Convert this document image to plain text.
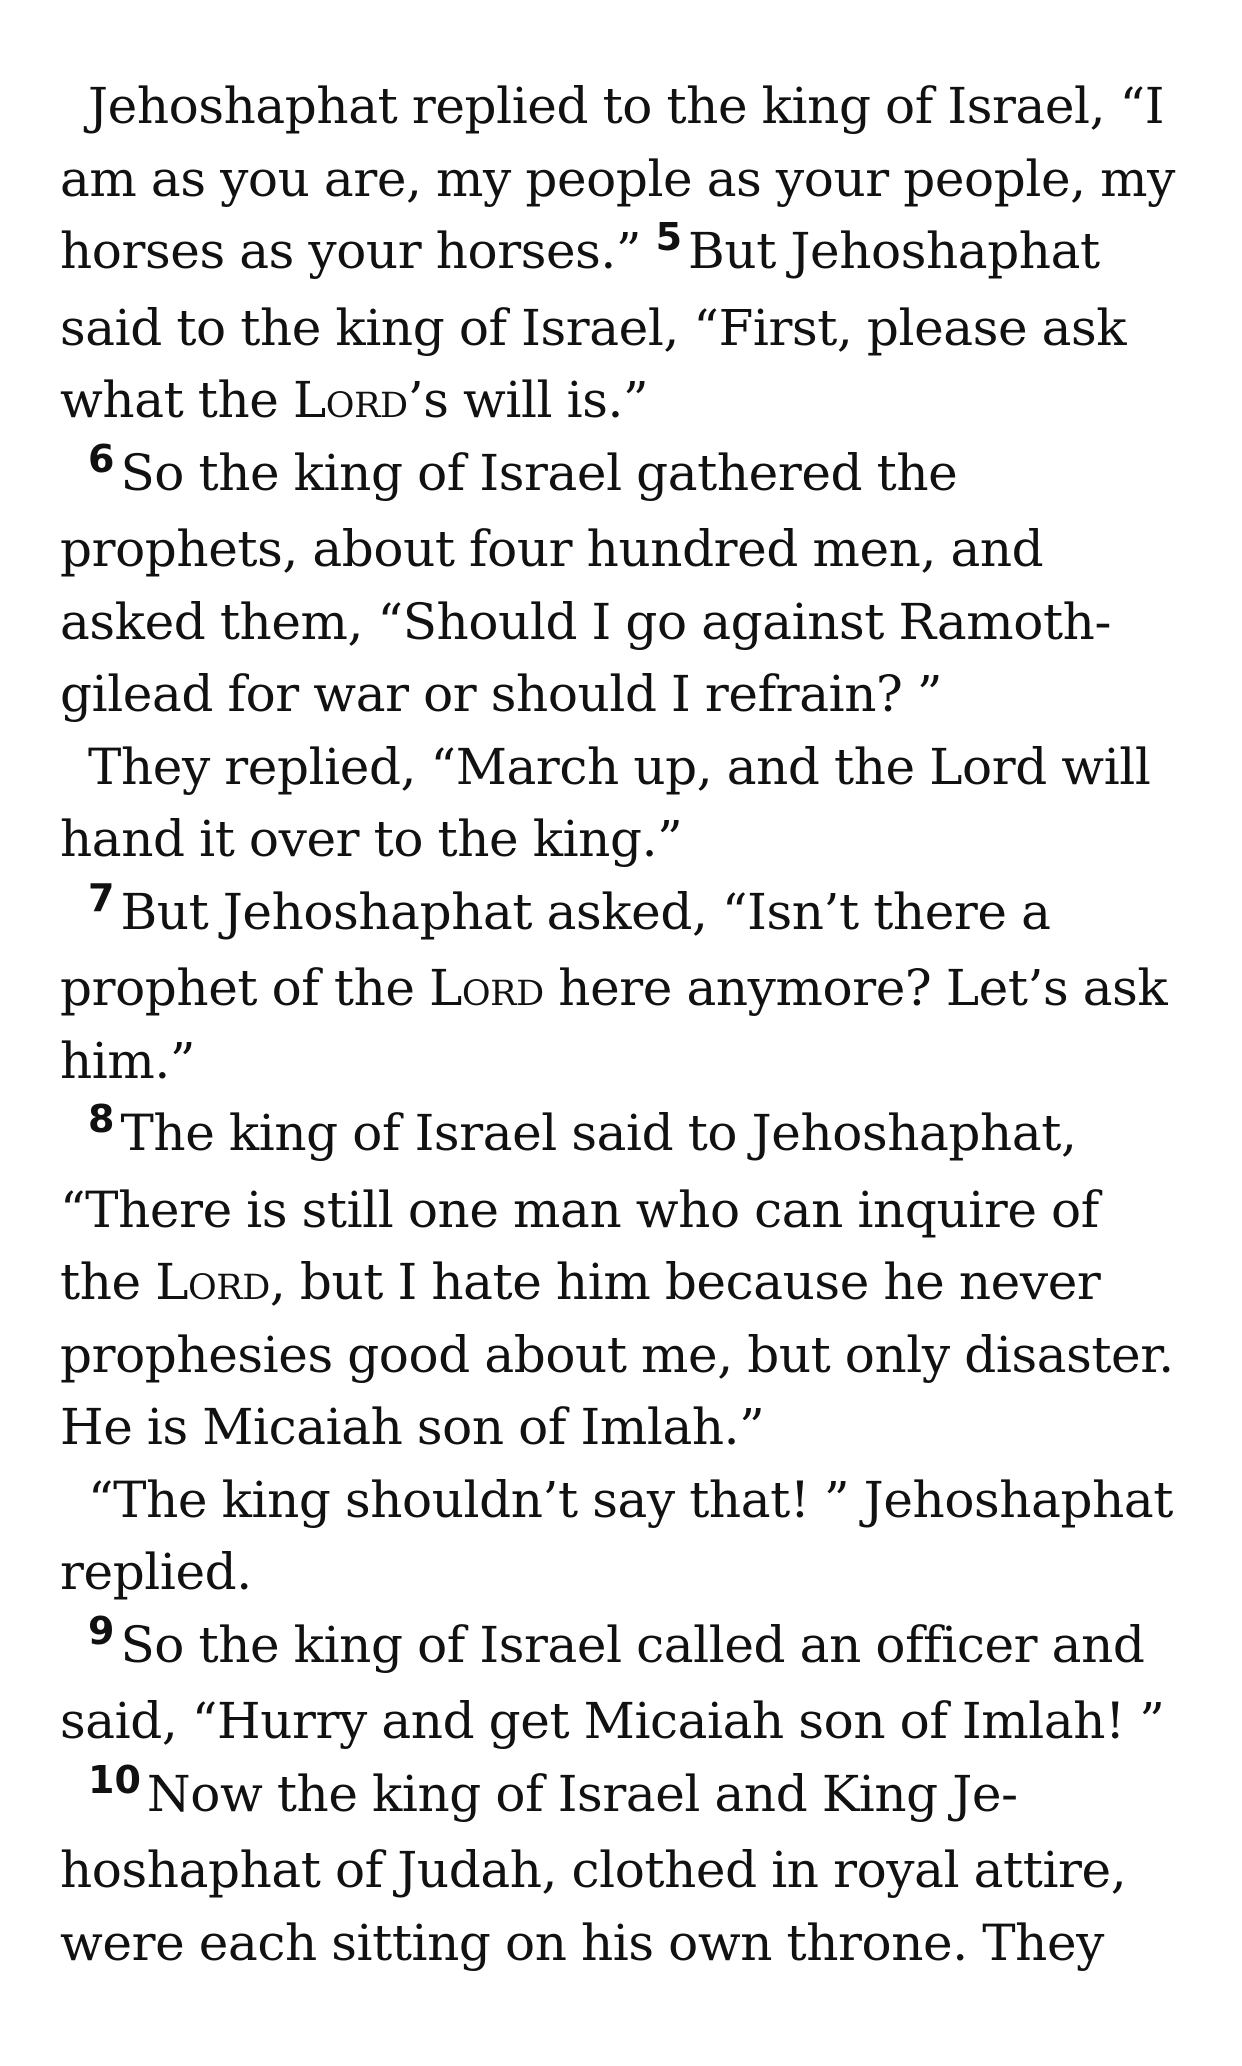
Jehoshaphat replied to the king of Israel, “I am as you are, my people as your people, my horses as your horses.” $^5$ But Jehoshaphat said to the king of Israel, “First, please ask what the Lord’s will is.”

$^6$ So the king of Israel gathered the prophets, about four hundred men, and asked them, “Should I go against Ramoth-gilead for war or should I refrain? ”

They replied, “March up, and the Lord will hand it over to the king.”

$^7$ But Jehoshaphat asked, “Isn’t there a prophet of the Lord here anymore? Let’s ask him.”

$^8$ The king of Israel said to Jehoshaphat, “There is still one man who can inquire of the Lord, but I hate him because he never prophesies good about me, but only disaster. He is Micaiah son of Imlah.”

“The king shouldn’t say that! ” Jehoshaphat replied.

$^9$ So the king of Israel called an officer and said, “Hurry and get Micaiah son of Imlah! ”

$^{10}$ Now the king of Israel and King Jehoshaphat of Judah, clothed in royal attire, were each sitting on his own throne. They
